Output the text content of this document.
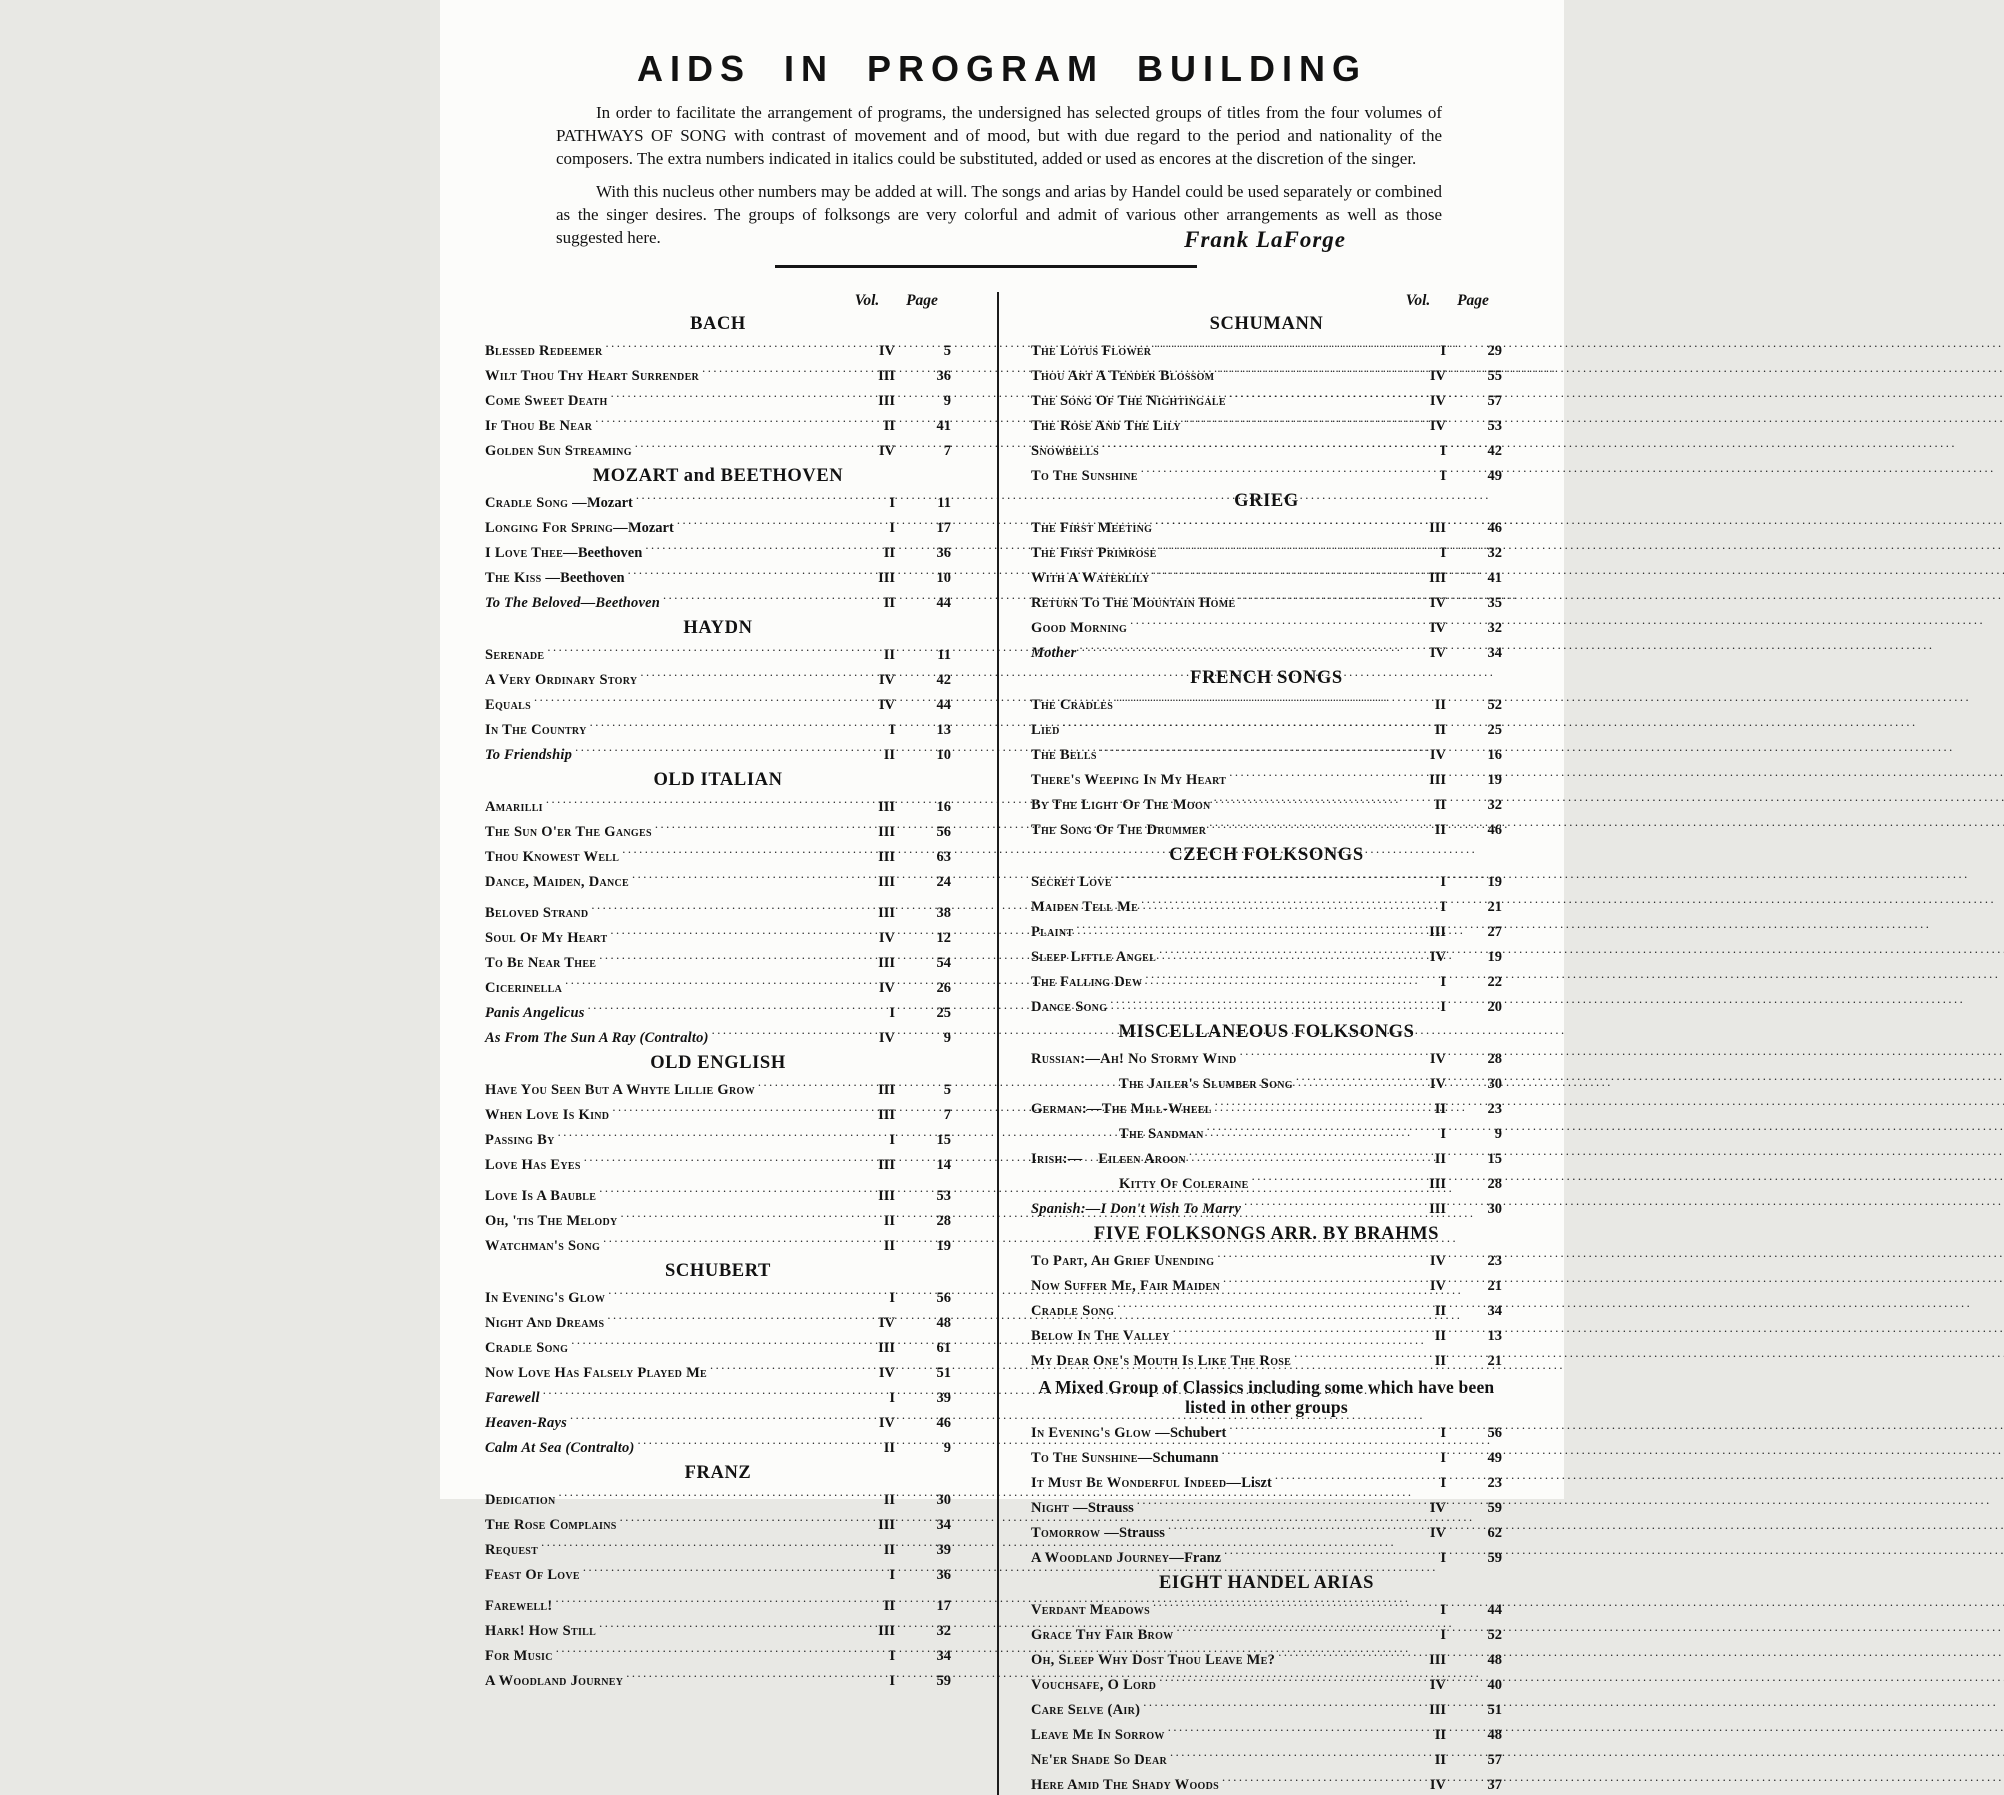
AIDS IN PROGRAM BUILDING

In order to facilitate the arrangement of programs, the undersigned has selected groups of titles from the four volumes of PATHWAYS OF SONG with contrast of movement and of mood, but with due regard to the period and nationality of the composers. The extra numbers indicated in italics could be substituted, added or used as encores at the discretion of the singer.

With this nucleus other numbers may be added at will. The songs and arias by Handel could be used separately or combined as the singer desires. The groups of folksongs are very colorful and admit of various other arrangements as well as those suggested here.	Frank LaForge
Vol.	Page
BACH
Blessed Redeemer .....	IV	5
Wilt Thou Thy Heart Surrender .....	III	36
Come Sweet Death .....	III	9
If Thou Be Near .....	II	41
Golden Sun Streaming .....	IV	7
MOZART and BEETHOVEN
Cradle Song — Mozart .....	I	11
Longing For Spring— Mozart .....	I	17
I Love Thee— Beethoven .....	II	36
The Kiss — Beethoven .....	III	10
To The Beloved—Beethoven .....	II	44
HAYDN
Serenade .....	II	11
A Very Ordinary Story .....	IV	42
Equals .....	IV	44
In The Country .....	I	13
To Friendship .....	II	10
OLD ITALIAN
Amarilli .....	III	16
The Sun O'er The Ganges .....	III	56
Thou Knowest Well .....	III	63
Dance, Maiden, Dance .....	III	24
Beloved Strand .....	III	38
Soul Of My Heart .....	IV	12
To Be Near Thee .....	III	54
Cicerinella .....	IV	26
Panis Angelicus .....	I	25
As From The Sun A Ray (Contralto) .....	IV	9
OLD ENGLISH
Have You Seen But A Whyte Lillie Grow .....	III	5
When Love Is Kind .....	III	7
Passing By .....	I	15
Love Has Eyes .....	III	14
Love Is A Bauble .....	III	53
Oh, 'tis The Melody .....	II	28
Watchman's Song .....	II	19
SCHUBERT
In Evening's Glow .....	I	56
Night And Dreams .....	IV	48
Cradle Song .....	III	61
Now Love Has Falsely Played Me .....	IV	51
Farewell .....	I	39
Heaven-Rays .....	IV	46
Calm At Sea (Contralto) .....	II	9
FRANZ
Dedication .....	II	30
The Rose Complains .....	III	34
Request .....	II	39
Feast Of Love .....	I	36
Farewell! .....	II	17
Hark! How Still .....	III	32
For Music .....	I	34
A Woodland Journey .....	I	59
Vol.	Page
SCHUMANN
The Lotus Flower .....	I	29
Thou Art A Tender Blossom .....	IV	55
The Song Of The Nightingale .....	IV	57
The Rose And The Lily .....	IV	53
Snowbells .....	I	42
To The Sunshine .....	I	49
GRIEG
The First Meeting .....	III	46
The First Primrose .....	I	32
With A Waterlily .....	III	41
Return To The Mountain Home .....	IV	35
Good Morning .....	IV	32
Mother .....	IV	34
FRENCH SONGS
The Cradles .....	II	52
Lied .....	II	25
The Bells .....	IV	16
There's Weeping In My Heart .....	III	19
By The Light Of The Moon .....	II	32
The Song Of The Drummer .....	II	46
CZECH FOLKSONGS
Secret Love .....	I	19
Maiden Tell Me .....	I	21
Plaint .....	III	27
Sleep Little Angel .....	IV	19
The Falling Dew .....	I	22
Dance Song .....	I	20
MISCELLANEOUS FOLKSONGS
Russian:—Ah! No Stormy Wind .....	IV	28
The Jailer's Slumber Song .....	IV	30
German:—The Mill-Wheel .....	II	23
The Sandman .....	I	9
Irish:—    Eileen Aroon .....	II	15
Kitty Of Coleraine .....	III	28
Spanish:—I Don't Wish To Marry .....	III	30
FIVE FOLKSONGS ARR. BY BRAHMS
To Part, Ah Grief Unending .....	IV	23
Now Suffer Me, Fair Maiden .....	IV	21
Cradle Song .....	II	34
Below In The Valley .....	II	13
My Dear One's Mouth Is Like The Rose .....	II	21
A Mixed Group of Classics including some which have been listed in other groups
In Evening's Glow — Schubert .....	I	56
To The Sunshine— Schumann .....	I	49
It Must Be Wonderful Indeed— Liszt .....	I	23
Night — Strauss .....	IV	59
Tomorrow — Strauss .....	IV	62
A Woodland Journey— Franz .....	I	59
EIGHT HANDEL ARIAS
Verdant Meadows .....	I	44
Grace Thy Fair Brow .....	I	52
Oh, Sleep Why Dost Thou Leave Me? .....	III	48
Vouchsafe, O Lord .....	IV	40
Care Selve (Air) .....	III	51
Leave Me In Sorrow .....	II	48
Ne'er Shade So Dear .....	II	57
Here Amid The Shady Woods .....	IV	37
